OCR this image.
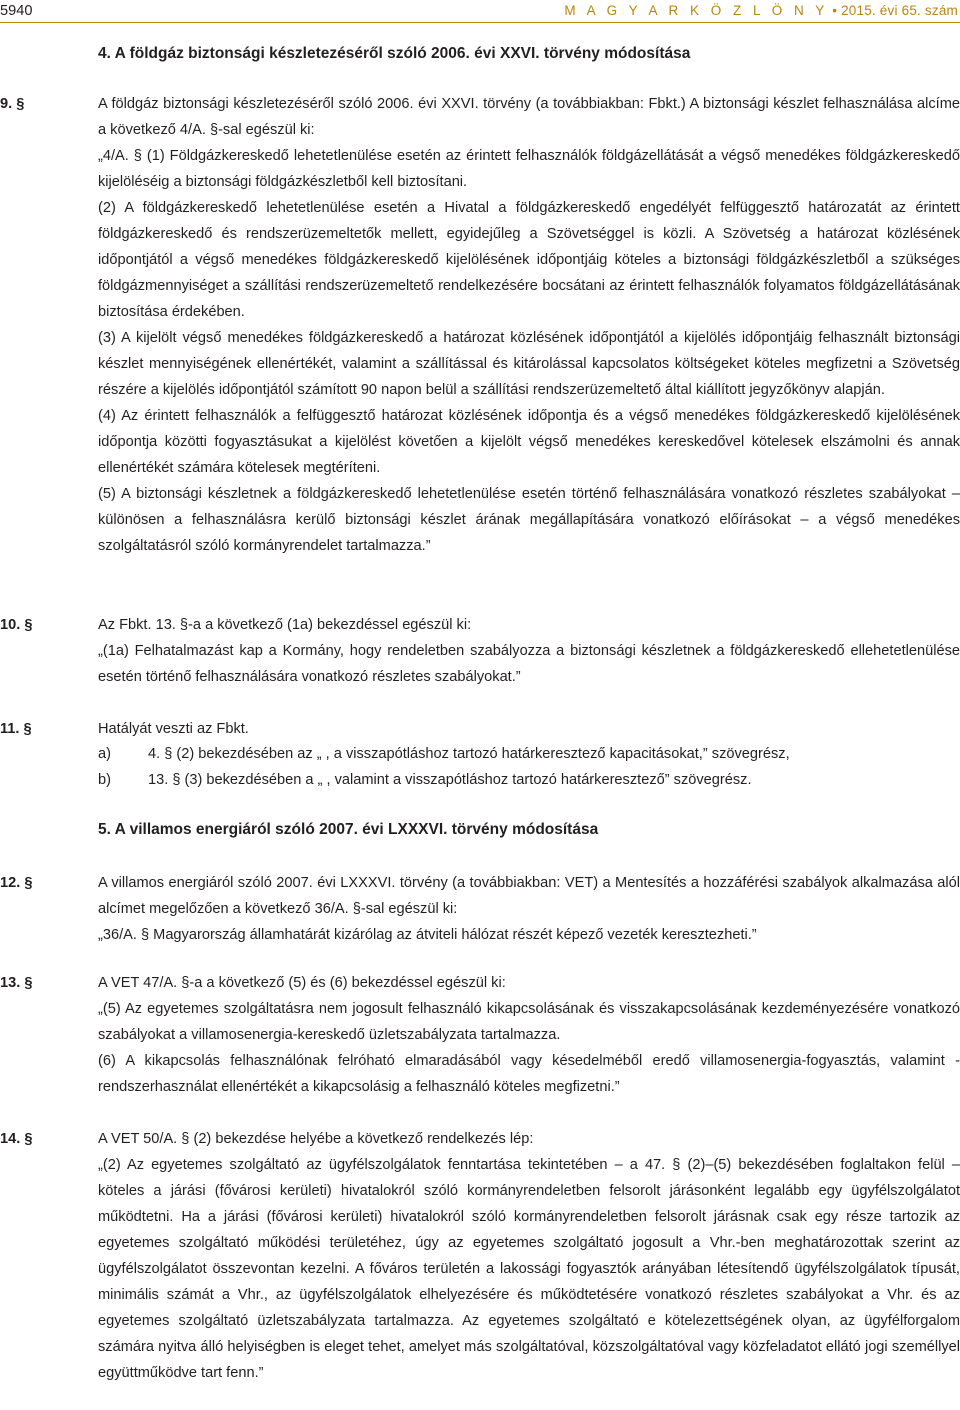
5940	M A G Y A R K Ö Z L Ö N Y • 2015. évi 65. szám
4. A földgáz biztonsági készletezéséről szóló 2006. évi XXVI. törvény módosítása
9. §	A földgáz biztonsági készletezéséről szóló 2006. évi XXVI. törvény (a továbbiakban: Fbkt.) A biztonsági készlet felhasználása alcíme a következő 4/A. §-sal egészül ki:

„4/A. § (1) Földgázkereskedő lehetetlenülése esetén az érintett felhasználók földgázellátását a végső menedékes földgázkereskedő kijelöléséig a biztonsági földgázkészletből kell biztosítani.

(2) A földgázkereskedő lehetetlenülése esetén a Hivatal a földgázkereskedő engedélyét felfüggesztő határozatát az érintett földgázkereskedő és rendszerüzemeltetők mellett, egyidejűleg a Szövetséggel is közli. A Szövetség a határozat közlésének időpontjától a végső menedékes földgázkereskedő kijelölésének időpontjáig köteles a biztonsági földgázkészletből a szükséges földgázmennyiséget a szállítási rendszerüzemeltető rendelkezésére bocsátani az érintett felhasználók folyamatos földgázellátásának biztosítása érdekében.

(3) A kijelölt végső menedékes földgázkereskedő a határozat közlésének időpontjától a kijelölés időpontjáig felhasznált biztonsági készlet mennyiségének ellenértékét, valamint a szállítással és kitárolással kapcsolatos költségeket köteles megfizetni a Szövetség részére a kijelölés időpontjától számított 90 napon belül a szállítási rendszerüzemeltető által kiállított jegyzőkönyv alapján.

(4) Az érintett felhasználók a felfüggesztő határozat közlésének időpontja és a végső menedékes földgázkereskedő kijelölésének időpontja közötti fogyasztásukat a kijelölést követően a kijelölt végső menedékes kereskedővel kötelesek elszámolni és annak ellenértékét számára kötelesek megtéríteni.

(5) A biztonsági készletnek a földgázkereskedő lehetetlenülése esetén történő felhasználására vonatkozó részletes szabályokat – különösen a felhasználásra kerülő biztonsági készlet árának megállapítására vonatkozó előírásokat – a végső menedékes szolgáltatásról szóló kormányrendelet tartalmazza.”

10. §	Az Fbkt. 13. §-a a következő (1a) bekezdéssel egészül ki:

„(1a) Felhatalmazást kap a Kormány, hogy rendeletben szabályozza a biztonsági készletnek a földgázkereskedő ellehetetlenülése esetén történő felhasználására vonatkozó részletes szabályokat.”

11. §	Hatályát veszti az Fbkt.

a)	4. § (2) bekezdésében az „ , a visszapótláshoz tartozó határkeresztező kapacitásokat,” szövegrész,
b)	13. § (3) bekezdésében a „ , valamint a visszapótláshoz tartozó határkeresztező” szövegrész.
5. A villamos energiáról szóló 2007. évi LXXXVI. törvény módosítása
12. §	A villamos energiáról szóló 2007. évi LXXXVI. törvény (a továbbiakban: VET) a Mentesítés a hozzáférési szabályok alkalmazása alól alcímet megelőzően a következő 36/A. §-sal egészül ki:

„36/A. § Magyarország államhatárát kizárólag az átviteli hálózat részét képező vezeték keresztezheti.”

13. §	A VET 47/A. §-a a következő (5) és (6) bekezdéssel egészül ki:

„(5) Az egyetemes szolgáltatásra nem jogosult felhasználó kikapcsolásának és visszakapcsolásának kezdeményezésére vonatkozó szabályokat a villamosenergia-kereskedő üzletszabályzata tartalmazza.

(6) A kikapcsolás felhasználónak felróható elmaradásából vagy késedelméből eredő villamosenergia-fogyasztás, valamint -rendszerhasználat ellenértékét a kikapcsolásig a felhasználó köteles megfizetni.”

14. §	A VET 50/A. § (2) bekezdése helyébe a következő rendelkezés lép:

„(2) Az egyetemes szolgáltató az ügyfélszolgálatok fenntartása tekintetében – a 47. § (2)–(5) bekezdésében foglaltakon felül – köteles a járási (fővárosi kerületi) hivatalokról szóló kormányrendeletben felsorolt járásonként legalább egy ügyfélszolgálatot működtetni. Ha a járási (fővárosi kerületi) hivatalokról szóló kormányrendeletben felsorolt járásnak csak egy része tartozik az egyetemes szolgáltató működési területéhez, úgy az egyetemes szolgáltató jogosult a Vhr.-ben meghatározottak szerint az ügyfélszolgálatot összevontan kezelni. A főváros területén a lakossági fogyasztók arányában létesítendő ügyfélszolgálatok típusát, minimális számát a Vhr., az ügyfélszolgálatok elhelyezésére és működtetésére vonatkozó részletes szabályokat a Vhr. és az egyetemes szolgáltató üzletszabályzata tartalmazza. Az egyetemes szolgáltató e kötelezettségének olyan, az ügyfélforgalom számára nyitva álló helyiségben is eleget tehet, amelyet más szolgáltatóval, közszolgáltatóval vagy közfeladatot ellátó jogi személlyel együttműködve tart fenn.”
